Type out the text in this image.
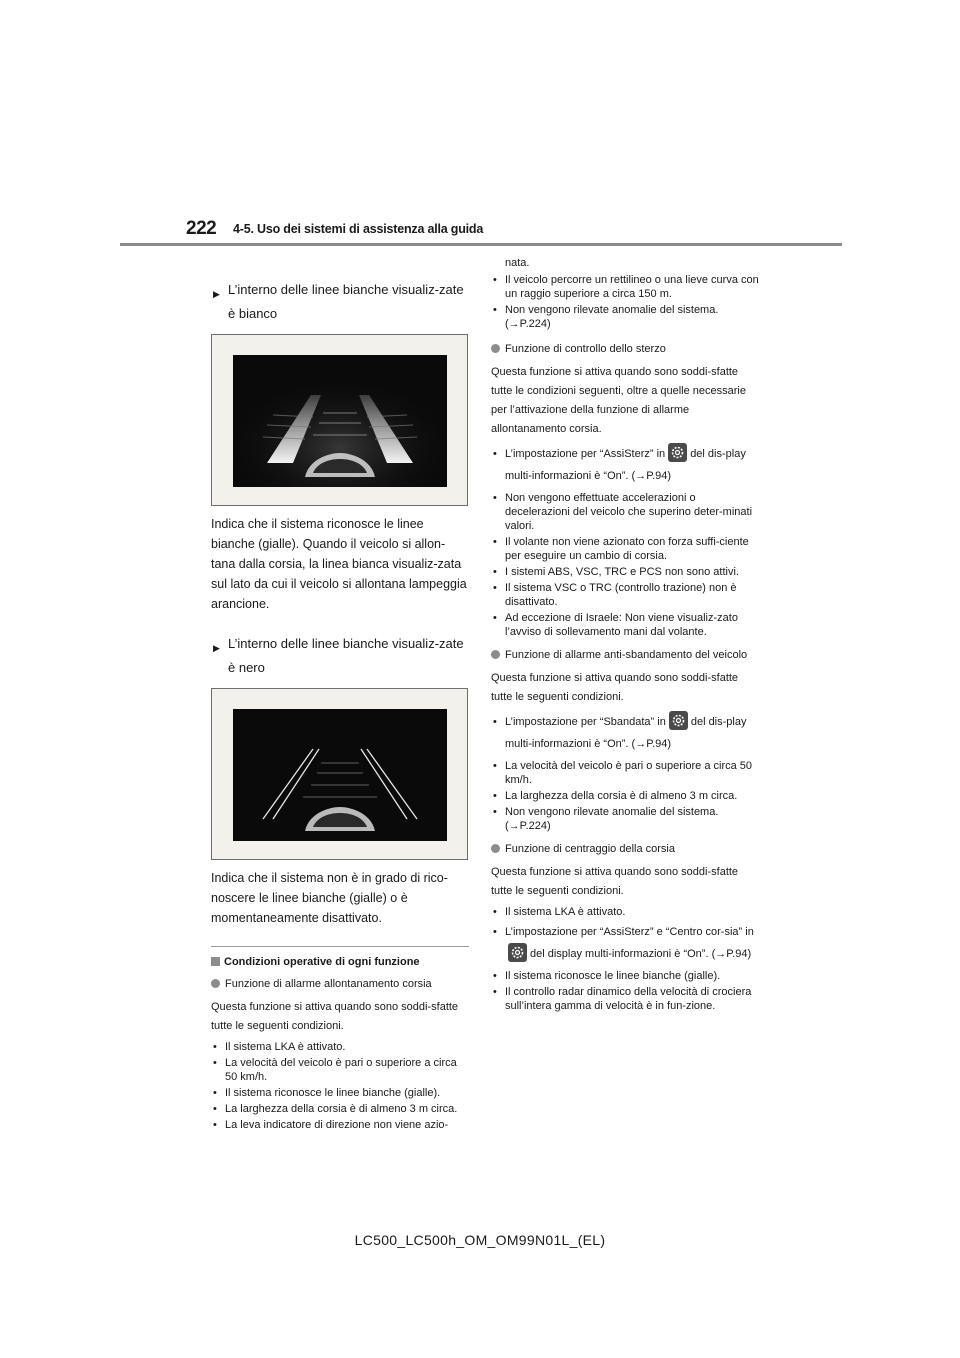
222 4-5. Uso dei sistemi di assistenza alla guida
▶ L’interno delle linee bianche visualiz-zate è bianco
Indica che il sistema riconosce le linee bianche (gialle). Quando il veicolo si allon-tana dalla corsia, la linea bianca visualiz-zata sul lato da cui il veicolo si allontana lampeggia arancione.
▶ L’interno delle linee bianche visualiz-zate è nero
Indica che il sistema non è in grado di rico-noscere le linee bianche (gialle) o è momentaneamente disattivato.
Condizioni operative di ogni funzione
Funzione di allarme allontanamento corsia
Questa funzione si attiva quando sono soddi-sfatte tutte le seguenti condizioni.
• Il sistema LKA è attivato.
• La velocità del veicolo è pari o superiore a circa 50 km/h.
• Il sistema riconosce le linee bianche (gialle).
• La larghezza della corsia è di almeno 3 m circa.
• La leva indicatore di direzione non viene azio-
nata.
• Il veicolo percorre un rettilineo o una lieve curva con un raggio superiore a circa 150 m.
• Non vengono rilevate anomalie del sistema. (→P.224)
Funzione di controllo dello sterzo
Questa funzione si attiva quando sono soddi-sfatte tutte le condizioni seguenti, oltre a quelle necessarie per l’attivazione della funzione di allarme allontanamento corsia.
• L’impostazione per “AssiSterz” in del dis-play multi-informazioni è “On”. (→P.94)
• Non vengono effettuate accelerazioni o decelerazioni del veicolo che superino deter-minati valori.
• Il volante non viene azionato con forza suffi-ciente per eseguire un cambio di corsia.
• I sistemi ABS, VSC, TRC e PCS non sono attivi.
• Il sistema VSC o TRC (controllo trazione) non è disattivato.
• Ad eccezione di Israele: Non viene visualiz-zato l’avviso di sollevamento mani dal volante.
Funzione di allarme anti-sbandamento del veicolo
Questa funzione si attiva quando sono soddi-sfatte tutte le seguenti condizioni.
• L’impostazione per “Sbandata” in del dis-play multi-informazioni è “On”. (→P.94)
• La velocità del veicolo è pari o superiore a circa 50 km/h.
• La larghezza della corsia è di almeno 3 m circa.
• Non vengono rilevate anomalie del sistema. (→P.224)
Funzione di centraggio della corsia
Questa funzione si attiva quando sono soddi-sfatte tutte le seguenti condizioni.
• Il sistema LKA è attivato.
• L’impostazione per “AssiSterz” e “Centro cor-sia” in
del display multi-informazioni è “On”. (→P.94)
• Il sistema riconosce le linee bianche (gialle).
• Il controllo radar dinamico della velocità di crociera sull’intera gamma di velocità è in fun-zione.
LC500_LC500h_OM_OM99N01L_(EL)
